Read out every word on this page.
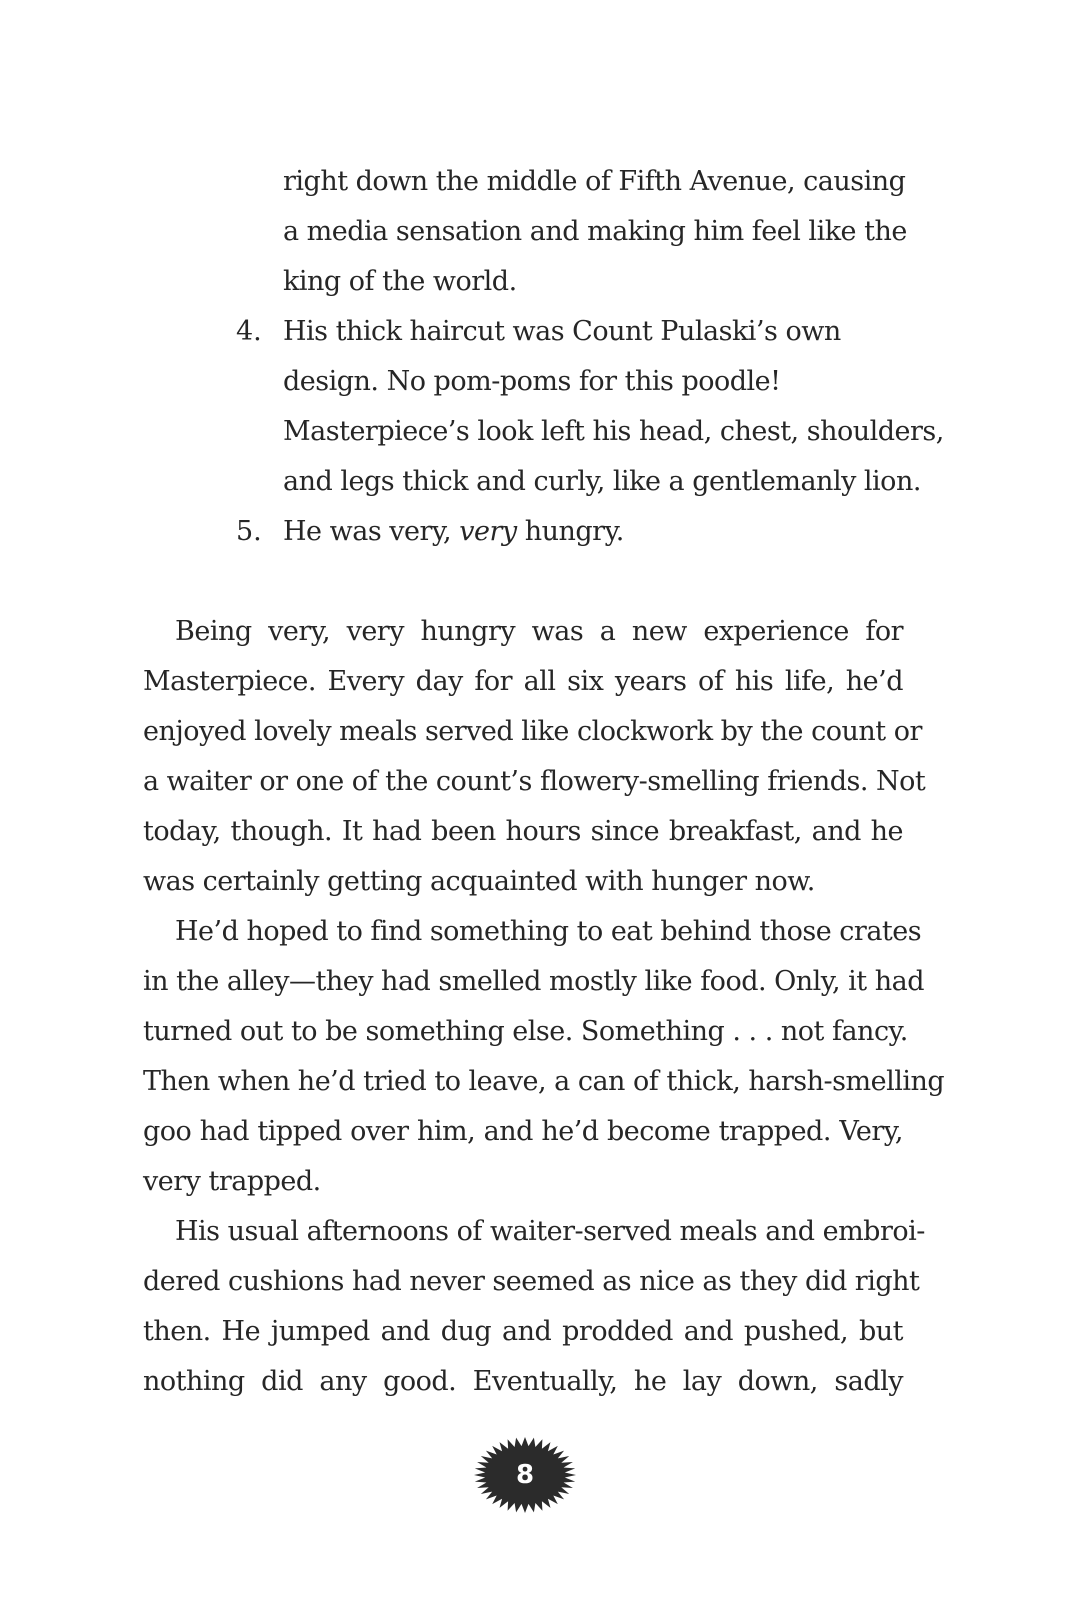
right down the middle of Fifth Avenue, causing
a media sensation and making him feel like the
king of the world.
4. His thick haircut was Count Pulaski’s own
design. No pom-poms for this poodle!
Masterpiece’s look left his head, chest, shoulders,
and legs thick and curly, like a gentlemanly lion.
5. He was very, very hungry.
Being very, very hungry was a new experience for
Masterpiece. Every day for all six years of his life, he’d
enjoyed lovely meals served like clockwork by the count or
a waiter or one of the count’s flowery-smelling friends. Not
today, though. It had been hours since breakfast, and he
was certainly getting acquainted with hunger now.
He’d hoped to find something to eat behind those crates
in the alley—they had smelled mostly like food. Only, it had
turned out to be something else. Something . . . not fancy.
Then when he’d tried to leave, a can of thick, harsh-smelling
goo had tipped over him, and he’d become trapped. Very,
very trapped.
His usual afternoons of waiter-served meals and embroi-
dered cushions had never seemed as nice as they did right
then. He jumped and dug and prodded and pushed, but
nothing did any good. Eventually, he lay down, sadly
8
